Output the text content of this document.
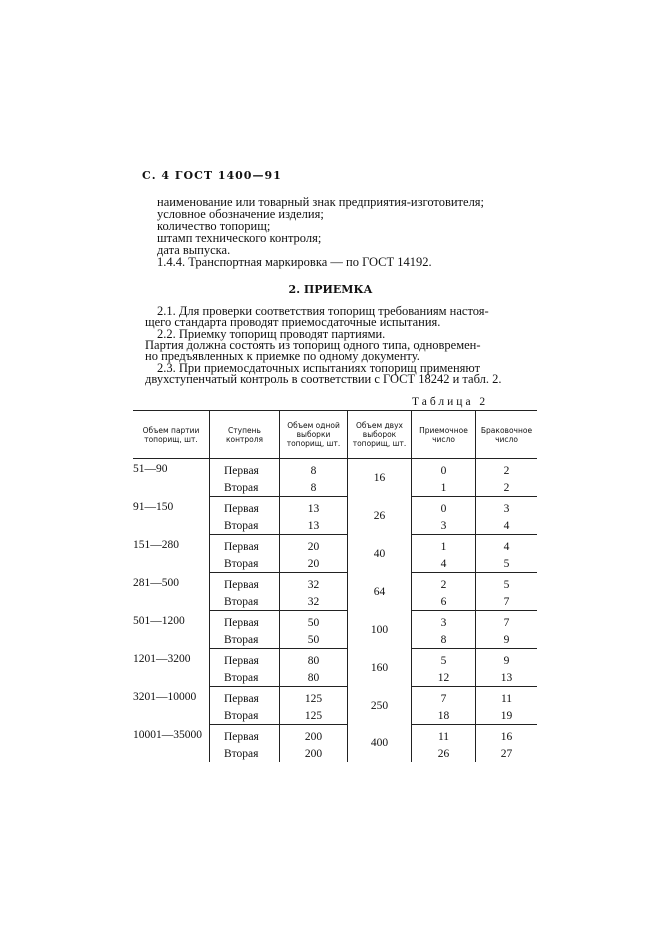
С. 4 ГОСТ 1400—91
наименование или товарный знак предприятия-изготовителя;
условное обозначение изделия;
количество топорищ;
штамп технического контроля;
дата выпуска.
1.4.4. Транспортная маркировка — по ГОСТ 14192.
2. ПРИЕМКА
2.1. Для проверки соответствия топорищ требованиям настоя-
щего стандарта проводят приемосдаточные испытания.
2.2. Приемку топорищ проводят партиями.
Партия должна состоять из топорищ одного типа, одновремен-
но предъявленных к приемке по одному документу.
2.3. При приемосдаточных испытаниях топорищ применяют
двухступенчатый контроль в соответствии с ГОСТ 18242 и табл. 2.
Таблица 2
Объем партии топорищ, шт.	Ступень контроля	Объем одной выборки топорищ, шт.	Объем двух выборок топорищ, шт.	Приемочное число	Браковочное число
51—90	Первая	8	16	0	2
	Вторая	8		1	2
91—150	Первая	13	26	0	3
	Вторая	13		3	4
151—280	Первая	20	40	1	4
	Вторая	20		4	5
281—500	Первая	32	64	2	5
	Вторая	32		6	7
501—1200	Первая	50	100	3	7
	Вторая	50		8	9
1201—3200	Первая	80	160	5	9
	Вторая	80		12	13
3201—10000	Первая	125	250	7	11
	Вторая	125		18	19
10001—35000	Первая	200	400	11	16
	Вторая	200		26	27
